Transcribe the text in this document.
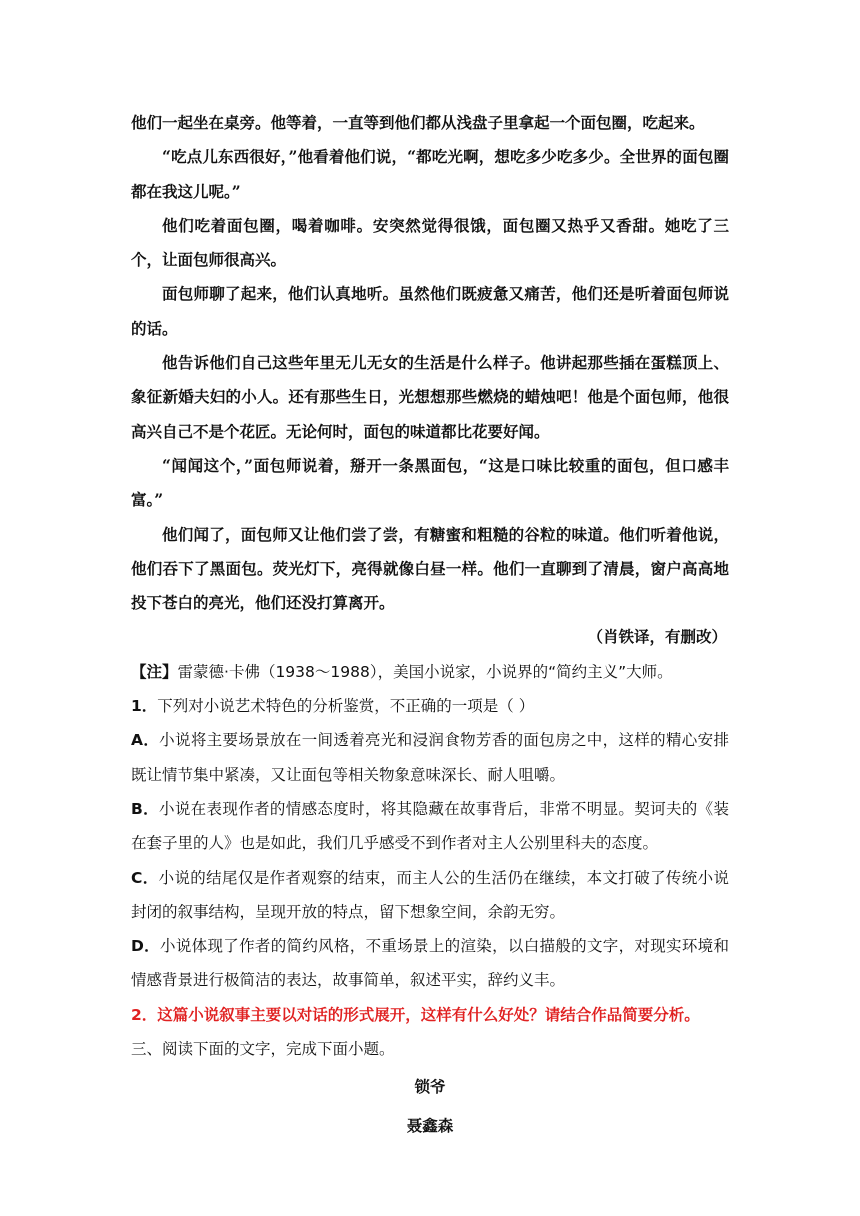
他们一起坐在桌旁。他等着，一直等到他们都从浅盘子里拿起一个面包圈，吃起来。

“吃点儿东西很好，”他看着他们说，“都吃光啊，想吃多少吃多少。全世界的面包圈都在我这儿呢。”

他们吃着面包圈，喝着咖啡。安突然觉得很饿，面包圈又热乎又香甜。她吃了三个，让面包师很高兴。

面包师聊了起来，他们认真地听。虽然他们既疲惫又痛苦，他们还是听着面包师说的话。

他告诉他们自己这些年里无儿无女的生活是什么样子。他讲起那些插在蛋糕顶上、象征新婚夫妇的小人。还有那些生日，光想想那些燃烧的蜡烛吧！他是个面包师，他很高兴自己不是个花匠。无论何时，面包的味道都比花要好闻。

“闻闻这个，”面包师说着，掰开一条黑面包，“这是口味比较重的面包，但口感丰富。”

他们闻了，面包师又让他们尝了尝，有糖蜜和粗糙的谷粒的味道。他们听着他说，他们吞下了黑面包。荧光灯下，亮得就像白昼一样。他们一直聊到了清晨，窗户高高地投下苍白的亮光，他们还没打算离开。

（肖铁译，有删改）

【注】雷蒙德·卡佛（1938～1988），美国小说家，小说界的“简约主义”大师。

1．下列对小说艺术特色的分析鉴赏，不正确的一项是（ ）

A．小说将主要场景放在一间透着亮光和浸润食物芳香的面包房之中，这样的精心安排既让情节集中紧凑，又让面包等相关物象意味深长、耐人咀嚼。

B．小说在表现作者的情感态度时，将其隐藏在故事背后，非常不明显。契诃夫的《装在套子里的人》也是如此，我们几乎感受不到作者对主人公别里科夫的态度。

C．小说的结尾仅是作者观察的结束，而主人公的生活仍在继续，本文打破了传统小说封闭的叙事结构，呈现开放的特点，留下想象空间，余韵无穷。

D．小说体现了作者的简约风格，不重场景上的渲染，以白描般的文字，对现实环境和情感背景进行极简洁的表达，故事简单，叙述平实，辞约义丰。

2．这篇小说叙事主要以对话的形式展开，这样有什么好处？请结合作品简要分析。

三、阅读下面的文字，完成下面小题。

锁爷

聂鑫森
